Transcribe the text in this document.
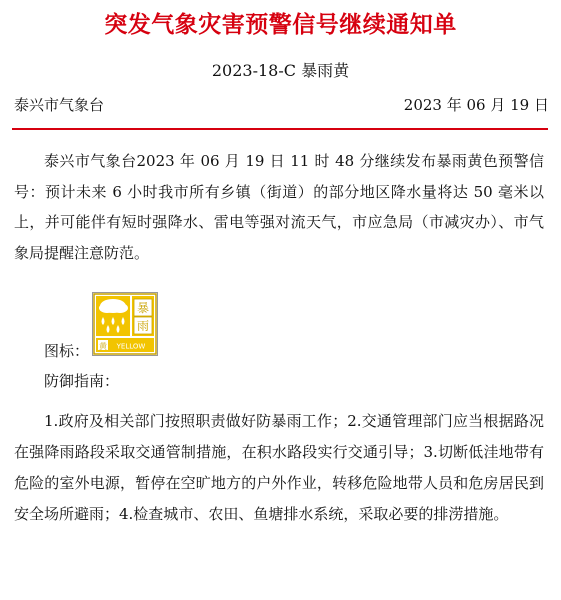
突发气象灾害预警信号继续通知单
2023-18-C 暴雨黄
泰兴市气象台	2023 年 06 月 19 日

泰兴市气象台2023 年 06 月 19 日 11 时 48 分继续发布暴雨黄色预警信号：预计未来 6 小时我市所有乡镇（街道）的部分地区降水量将达 50 毫米以上，并可能伴有短时强降水、雷电等强对流天气，市应急局（市减灾办）、市气象局提醒注意防范。

图标：
暴
雨
黄 YELLOW
防御指南：

1.政府及相关部门按照职责做好防暴雨工作；2.交通管理部门应当根据路况在强降雨路段采取交通管制措施，在积水路段实行交通引导；3.切断低洼地带有危险的室外电源，暂停在空旷地方的户外作业，转移危险地带人员和危房居民到安全场所避雨；4.检查城市、农田、鱼塘排水系统，采取必要的排涝措施。
